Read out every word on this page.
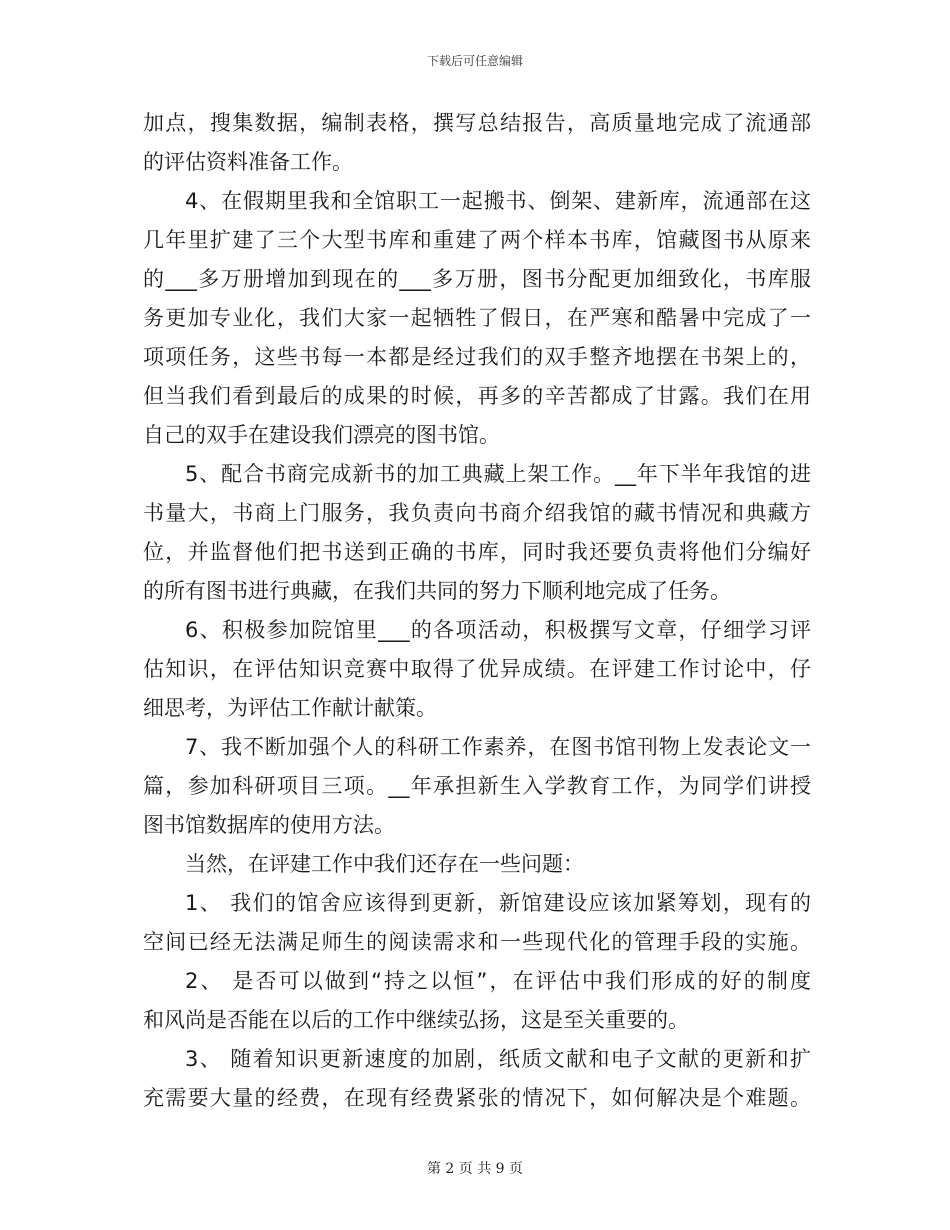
下载后可任意编辑
加点，搜集数据，编制表格，撰写总结报告，高质量地完成了流通部
的评估资料准备工作。
4、在假期里我和全馆职工一起搬书、倒架、建新库，流通部在这
几年里扩建了三个大型书库和重建了两个样本书库，馆藏图书从原来
的___多万册增加到现在的___多万册，图书分配更加细致化，书库服
务更加专业化，我们大家一起牺牲了假日，在严寒和酷暑中完成了一
项项任务，这些书每一本都是经过我们的双手整齐地摆在书架上的，
但当我们看到最后的成果的时候，再多的辛苦都成了甘露。我们在用
自己的双手在建设我们漂亮的图书馆。
5、配合书商完成新书的加工典藏上架工作。__年下半年我馆的进
书量大，书商上门服务，我负责向书商介绍我馆的藏书情况和典藏方
位，并监督他们把书送到正确的书库，同时我还要负责将他们分编好
的所有图书进行典藏，在我们共同的努力下顺利地完成了任务。
6、积极参加院馆里___的各项活动，积极撰写文章，仔细学习评
估知识，在评估知识竞赛中取得了优异成绩。在评建工作讨论中，仔
细思考，为评估工作献计献策。
7、我不断加强个人的科研工作素养，在图书馆刊物上发表论文一
篇，参加科研项目三项。__年承担新生入学教育工作，为同学们讲授
图书馆数据库的使用方法。
当然，在评建工作中我们还存在一些问题：
1、 我们的馆舍应该得到更新，新馆建设应该加紧筹划，现有的
空间已经无法满足师生的阅读需求和一些现代化的管理手段的实施。
2、 是否可以做到“持之以恒”，在评估中我们形成的好的制度
和风尚是否能在以后的工作中继续弘扬，这是至关重要的。
3、 随着知识更新速度的加剧，纸质文献和电子文献的更新和扩
充需要大量的经费，在现有经费紧张的情况下，如何解决是个难题。
第 2 页 共 9 页
